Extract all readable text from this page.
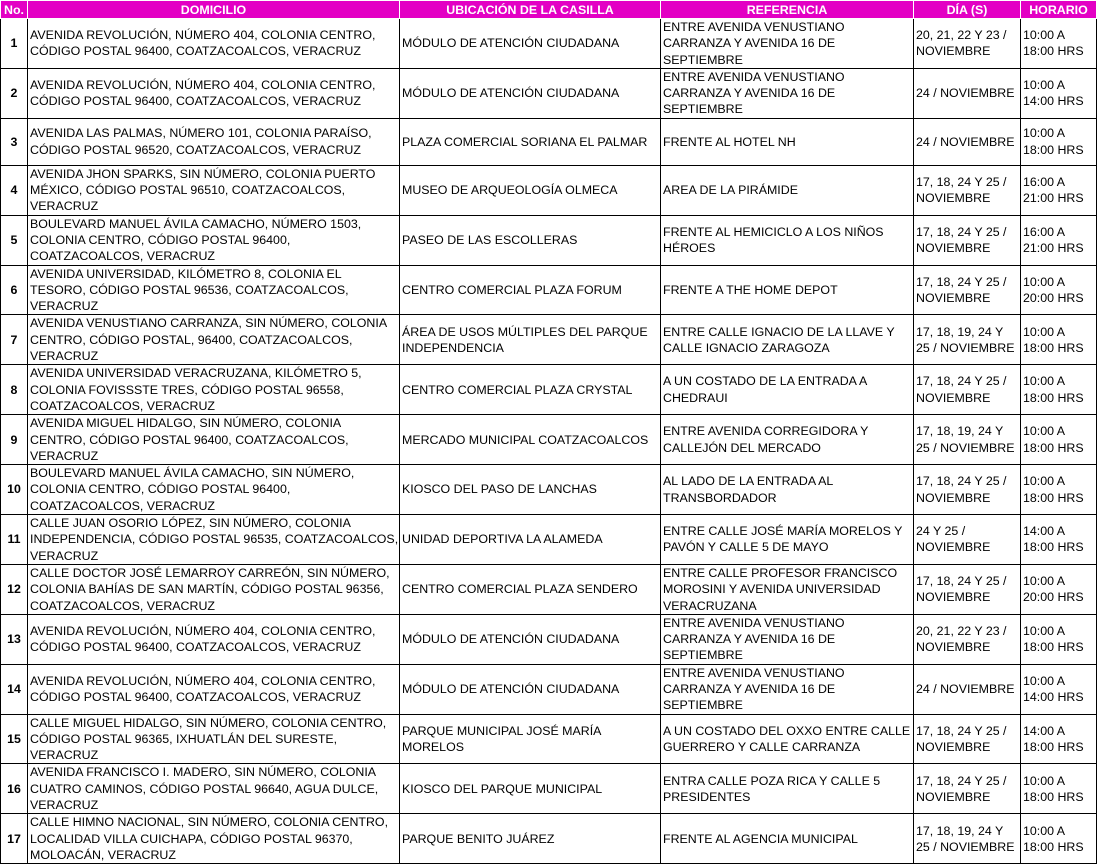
No.	DOMICILIO	UBICACIÓN DE LA CASILLA	REFERENCIA	DÍA (S)	HORARIO

1	AVENIDA REVOLUCIÓN, NÚMERO 404, COLONIA CENTRO, CÓDIGO POSTAL 96400, COATZACOALCOS, VERACRUZ	MÓDULO DE ATENCIÓN CIUDADANA	ENTRE AVENIDA VENUSTIANO CARRANZA Y AVENIDA 16 DE SEPTIEMBRE	20, 21, 22 Y 23 / NOVIEMBRE	10:00 A 18:00 HRS

2	AVENIDA REVOLUCIÓN, NÚMERO 404, COLONIA CENTRO, CÓDIGO POSTAL 96400, COATZACOALCOS, VERACRUZ	MÓDULO DE ATENCIÓN CIUDADANA	ENTRE AVENIDA VENUSTIANO CARRANZA Y AVENIDA 16 DE SEPTIEMBRE	24 / NOVIEMBRE	10:00 A 14:00 HRS

3	AVENIDA LAS PALMAS, NÚMERO 101, COLONIA PARAÍSO, CÓDIGO POSTAL 96520, COATZACOALCOS, VERACRUZ	PLAZA COMERCIAL SORIANA EL PALMAR	FRENTE AL HOTEL NH	24 / NOVIEMBRE	10:00 A 18:00 HRS

4	AVENIDA JHON SPARKS, SIN NÚMERO, COLONIA PUERTO MÉXICO, CÓDIGO POSTAL 96510, COATZACOALCOS, VERACRUZ	MUSEO DE ARQUEOLOGÍA OLMECA	AREA DE LA PIRÁMIDE	17, 18, 24 Y 25 / NOVIEMBRE	16:00 A 21:00 HRS

5	BOULEVARD MANUEL ÁVILA CAMACHO, NÚMERO 1503, COLONIA CENTRO, CÓDIGO POSTAL 96400, COATZACOALCOS, VERACRUZ	PASEO DE LAS ESCOLLERAS	FRENTE AL HEMICICLO A LOS NIÑOS HÉROES	17, 18, 24 Y 25 / NOVIEMBRE	16:00 A 21:00 HRS

6	AVENIDA UNIVERSIDAD, KILÓMETRO 8, COLONIA EL TESORO, CÓDIGO POSTAL 96536, COATZACOALCOS, VERACRUZ	CENTRO COMERCIAL PLAZA FORUM	FRENTE A THE HOME DEPOT	17, 18, 24 Y 25 / NOVIEMBRE	10:00 A 20:00 HRS

7	AVENIDA VENUSTIANO CARRANZA, SIN NÚMERO, COLONIA CENTRO, CÓDIGO POSTAL, 96400, COATZACOALCOS, VERACRUZ	ÁREA DE USOS MÚLTIPLES DEL PARQUE INDEPENDENCIA	ENTRE CALLE IGNACIO DE LA LLAVE Y CALLE IGNACIO ZARAGOZA	17, 18, 19, 24 Y 25 / NOVIEMBRE	10:00 A 18:00 HRS

8	AVENIDA UNIVERSIDAD VERACRUZANA, KILÓMETRO 5, COLONIA FOVISSSTE TRES, CÓDIGO POSTAL 96558, COATZACOALCOS, VERACRUZ	CENTRO COMERCIAL PLAZA CRYSTAL	A UN COSTADO DE LA ENTRADA A CHEDRAUI	17, 18, 24 Y 25 / NOVIEMBRE	10:00 A 18:00 HRS

9	AVENIDA MIGUEL HIDALGO, SIN NÚMERO, COLONIA CENTRO, CÓDIGO POSTAL 96400, COATZACOALCOS, VERACRUZ	MERCADO MUNICIPAL COATZACOALCOS	ENTRE AVENIDA CORREGIDORA Y CALLEJÓN DEL MERCADO	17, 18, 19, 24 Y 25 / NOVIEMBRE	10:00 A 18:00 HRS

10	BOULEVARD MANUEL ÁVILA CAMACHO, SIN NÚMERO, COLONIA CENTRO, CÓDIGO POSTAL 96400, COATZACOALCOS, VERACRUZ	KIOSCO DEL PASO DE LANCHAS	AL LADO DE LA ENTRADA AL TRANSBORDADOR	17, 18, 24 Y 25 / NOVIEMBRE	10:00 A 18:00 HRS

11	CALLE JUAN OSORIO LÓPEZ, SIN NÚMERO, COLONIA INDEPENDENCIA, CÓDIGO POSTAL 96535, COATZACOALCOS, VERACRUZ	UNIDAD DEPORTIVA LA ALAMEDA	ENTRE CALLE JOSÉ MARÍA MORELOS Y PAVÓN Y CALLE 5 DE MAYO	24 Y 25 / NOVIEMBRE	14:00 A 18:00 HRS

12	CALLE DOCTOR JOSÉ LEMARROY CARREÓN, SIN NÚMERO, COLONIA BAHÍAS DE SAN MARTÍN, CÓDIGO POSTAL 96356, COATZACOALCOS, VERACRUZ	CENTRO COMERCIAL PLAZA SENDERO	ENTRE CALLE PROFESOR FRANCISCO MOROSINI Y AVENIDA UNIVERSIDAD VERACRUZANA	17, 18, 24 Y 25 / NOVIEMBRE	10:00 A 20:00 HRS

13	AVENIDA REVOLUCIÓN, NÚMERO 404, COLONIA CENTRO, CÓDIGO POSTAL 96400, COATZACOALCOS, VERACRUZ	MÓDULO DE ATENCIÓN CIUDADANA	ENTRE AVENIDA VENUSTIANO CARRANZA Y AVENIDA 16 DE SEPTIEMBRE	20, 21, 22 Y 23 / NOVIEMBRE	10:00 A 18:00 HRS

14	AVENIDA REVOLUCIÓN, NÚMERO 404, COLONIA CENTRO, CÓDIGO POSTAL 96400, COATZACOALCOS, VERACRUZ	MÓDULO DE ATENCIÓN CIUDADANA	ENTRE AVENIDA VENUSTIANO CARRANZA Y AVENIDA 16 DE SEPTIEMBRE	24 / NOVIEMBRE	10:00 A 14:00 HRS

15	CALLE MIGUEL HIDALGO, SIN NÚMERO, COLONIA CENTRO, CÓDIGO POSTAL 96365, IXHUATLÁN DEL SURESTE, VERACRUZ	PARQUE MUNICIPAL JOSÉ MARÍA MORELOS	A UN COSTADO DEL OXXO ENTRE CALLE GUERRERO Y CALLE CARRANZA	17, 18, 24 Y 25 / NOVIEMBRE	14:00 A 18:00 HRS

16	AVENIDA FRANCISCO I. MADERO, SIN NÚMERO, COLONIA CUATRO CAMINOS, CÓDIGO POSTAL 96640, AGUA DULCE, VERACRUZ	KIOSCO DEL PARQUE MUNICIPAL	ENTRA CALLE POZA RICA Y CALLE 5 PRESIDENTES	17, 18, 24 Y 25 / NOVIEMBRE	10:00 A 18:00 HRS

17	CALLE HIMNO NACIONAL, SIN NÚMERO, COLONIA CENTRO, LOCALIDAD VILLA CUICHAPA, CÓDIGO POSTAL 96370, MOLOACÁN, VERACRUZ	PARQUE BENITO JUÁREZ	FRENTE AL AGENCIA MUNICIPAL	17, 18, 19, 24 Y 25 / NOVIEMBRE	10:00 A 18:00 HRS
